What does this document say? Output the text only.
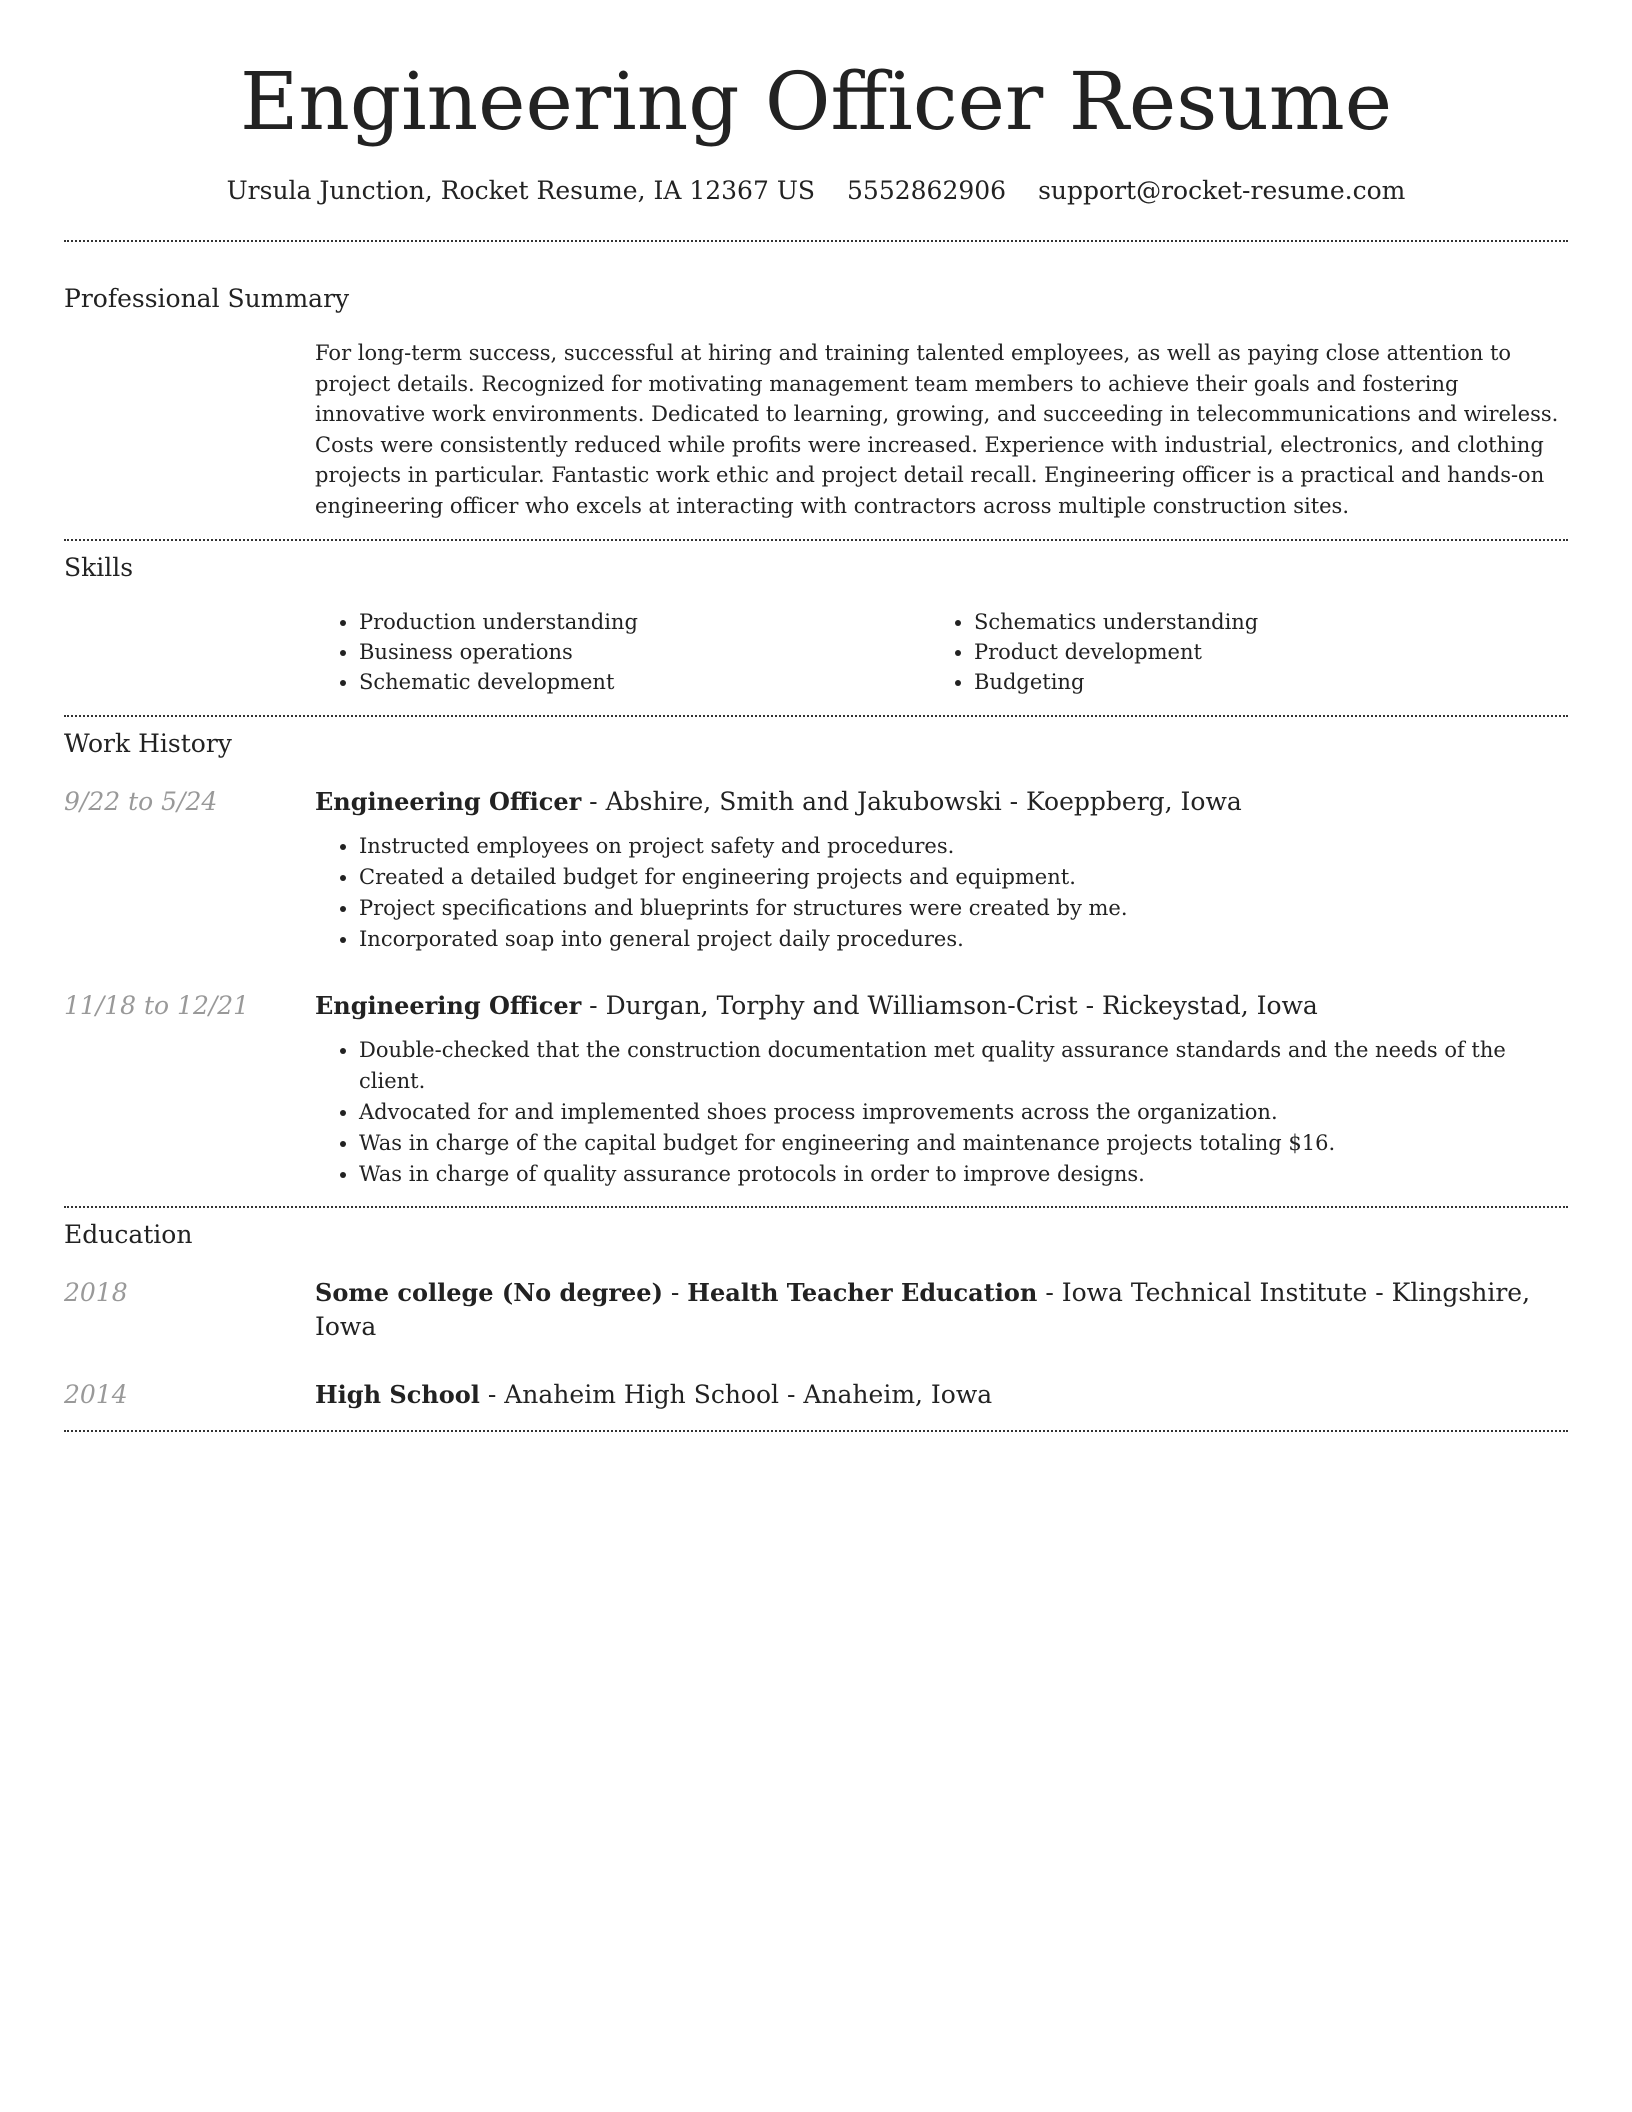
Engineering Officer Resume
Ursula Junction, Rocket Resume, IA 12367 US 5552862906 support@rocket-resume.com
Professional Summary

For long-term success, successful at hiring and training talented employees, as well as paying close attention to project details. Recognized for motivating management team members to achieve their goals and fostering innovative work environments. Dedicated to learning, growing, and succeeding in telecommunications and wireless. Costs were consistently reduced while profits were increased. Experience with industrial, electronics, and clothing projects in particular. Fantastic work ethic and project detail recall. Engineering officer is a practical and hands-on engineering officer who excels at interacting with contractors across multiple construction sites.

Skills
• Production understanding
• Business operations
• Schematic development
• Schematics understanding
• Product development
• Budgeting
Work History
9/22 to 5/24	Engineering Officer - Abshire, Smith and Jakubowski - Koeppberg, Iowa
• Instructed employees on project safety and procedures.
• Created a detailed budget for engineering projects and equipment.
• Project specifications and blueprints for structures were created by me.
• Incorporated soap into general project daily procedures.
11/18 to 12/21	Engineering Officer - Durgan, Torphy and Williamson-Crist - Rickeystad, Iowa
• Double-checked that the construction documentation met quality assurance standards and the needs of the client.
• Advocated for and implemented shoes process improvements across the organization.
• Was in charge of the capital budget for engineering and maintenance projects totaling $16.
• Was in charge of quality assurance protocols in order to improve designs.
Education
2018	Some college (No degree) - Health Teacher Education - Iowa Technical Institute - Klingshire, Iowa
2014	High School - Anaheim High School - Anaheim, Iowa
